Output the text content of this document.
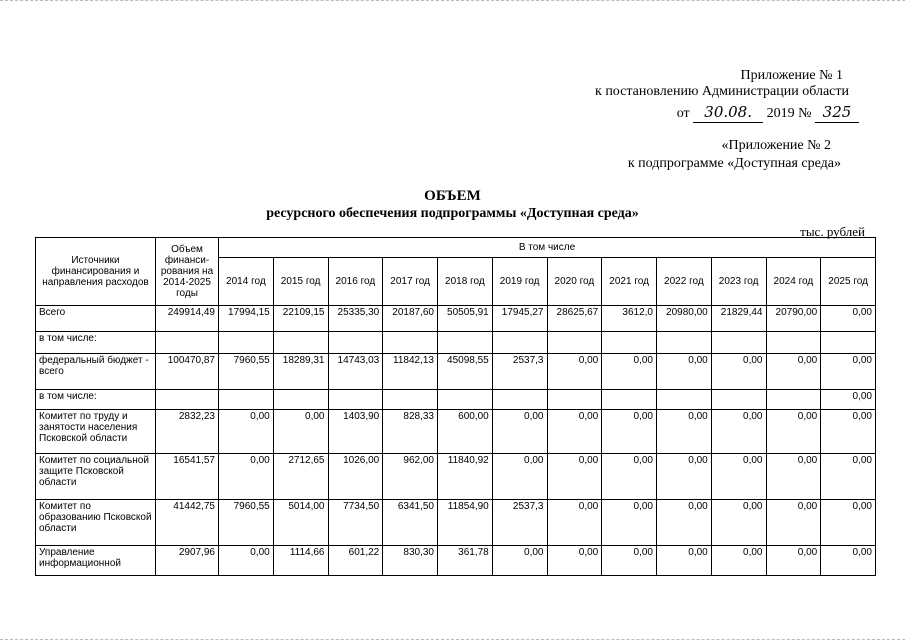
Приложение № 1
к постановлению Администрации области
от 30.08. 2019 № 325
«Приложение № 2
к подпрограмме «Доступная среда»
ОБЪЕМ
ресурсного обеспечения подпрограммы «Доступная среда»
тыс. рублей
Источники финансирования и направления расходов	Объем финанси-рования на 2014-2025 годы	В том числе											
		2014 год	2015 год	2016 год	2017 год	2018 год	2019 год	2020 год	2021 год	2022 год	2023 год	2024 год	2025 год
Всего	249914,49	17994,15	22109,15	25335,30	20187,60	50505,91	17945,27	28625,67	3612,0	20980,00	21829,44	20790,00	0,00
в том числе:													
федеральный бюджет - всего	100470,87	7960,55	18289,31	14743,03	11842,13	45098,55	2537,3	0,00	0,00	0,00	0,00	0,00	0,00
в том числе:													0,00
Комитет по труду и занятости населения Псковской области	2832,23	0,00	0,00	1403,90	828,33	600,00	0,00	0,00	0,00	0,00	0,00	0,00	0,00
Комитет по социальной защите Псковской области	16541,57	0,00	2712,65	1026,00	962,00	11840,92	0,00	0,00	0,00	0,00	0,00	0,00	0,00
Комитет по образованию Псковской области	41442,75	7960,55	5014,00	7734,50	6341,50	11854,90	2537,3	0,00	0,00	0,00	0,00	0,00	0,00
Управление информационной	2907,96	0,00	1114,66	601,22	830,30	361,78	0,00	0,00	0,00	0,00	0,00	0,00	0,00
